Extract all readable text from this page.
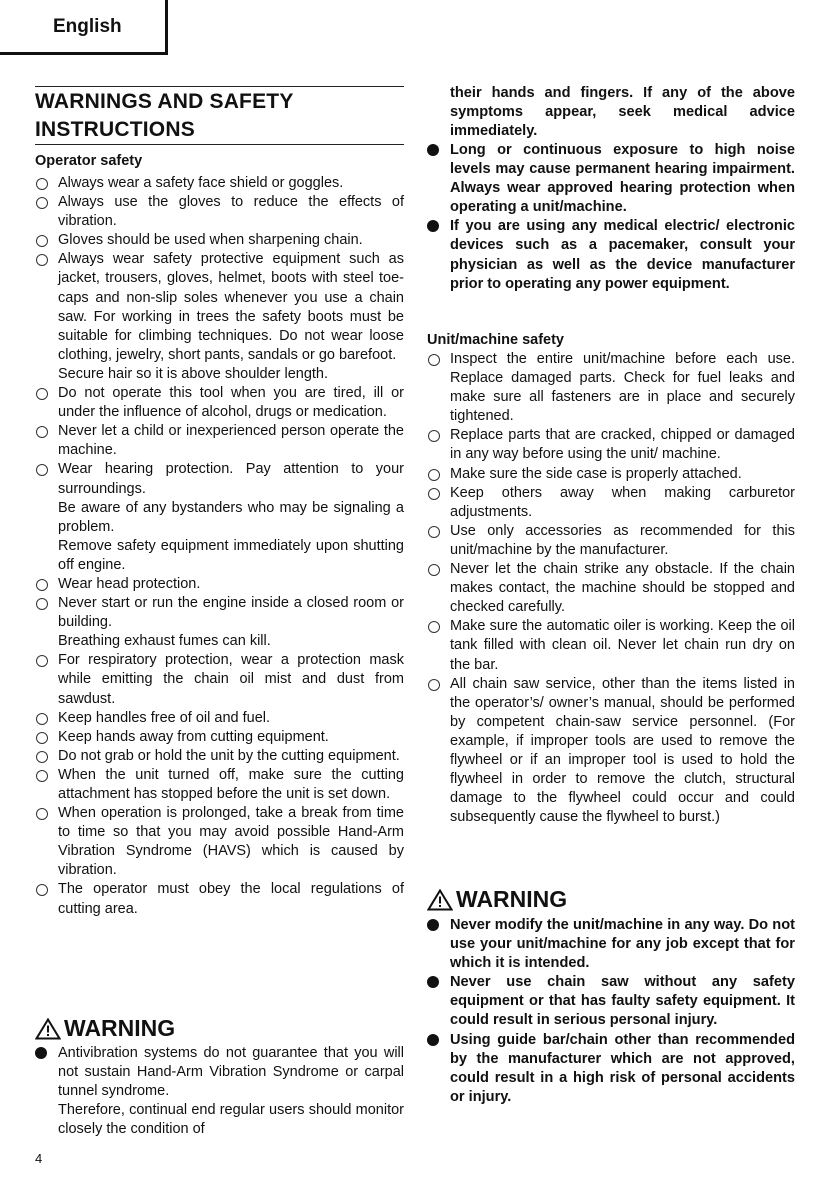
English
WARNINGS AND SAFETY
INSTRUCTIONS
Operator safety

Always wear a safety face shield or goggles.

Always use the gloves to reduce the effects of vibration.

Gloves should be used when sharpening chain.

Always wear safety protective equipment such as jacket, trousers, gloves, helmet, boots with steel toe-caps and non-slip soles whenever you use a chain saw. For working in trees the safety boots must be suitable for climbing techniques. Do not wear loose clothing, jewelry, short pants, sandals or go barefoot.

Secure hair so it is above shoulder length.

Do not operate this tool when you are tired, ill or under the influence of alcohol, drugs or medication.

Never let a child or inexperienced person operate the machine.

Wear hearing protection. Pay attention to your surroundings.

Be aware of any bystanders who may be signaling a problem.

Remove safety equipment immediately upon shutting off engine.

Wear head protection.

Never start or run the engine inside a closed room or building.

Breathing exhaust fumes can kill.

For respiratory protection, wear a protection mask while emitting the chain oil mist and dust from sawdust.

Keep handles free of oil and fuel.

Keep hands away from cutting equipment.

Do not grab or hold the unit by the cutting equipment.

When the unit turned off, make sure the cutting attachment has stopped before the unit is set down.

When operation is prolonged, take a break from time to time so that you may avoid possible Hand-Arm Vibration Syndrome (HAVS) which is caused by vibration.

The operator must obey the local regulations of cutting area.

WARNING

Antivibration systems do not guarantee that you will not sustain Hand-Arm Vibration Syndrome or carpal tunnel syndrome.

Therefore, continual end regular users should monitor closely the condition of

their hands and fingers. If any of the above symptoms appear, seek medical advice immediately.

Long or continuous exposure to high noise levels may cause permanent hearing impairment. Always wear approved hearing protection when operating a unit/machine.

If you are using any medical electric/ electronic devices such as a pacemaker, consult your physician as well as the device manufacturer prior to operating any power equipment.

Unit/machine safety

Inspect the entire unit/machine before each use. Replace damaged parts. Check for fuel leaks and make sure all fasteners are in place and securely tightened.

Replace parts that are cracked, chipped or damaged in any way before using the unit/ machine.

Make sure the side case is properly attached.

Keep others away when making carburetor adjustments.

Use only accessories as recommended for this unit/machine by the manufacturer.

Never let the chain strike any obstacle. If the chain makes contact, the machine should be stopped and checked carefully.

Make sure the automatic oiler is working. Keep the oil tank filled with clean oil. Never let chain run dry on the bar.

All chain saw service, other than the items listed in the operator’s/ owner’s manual, should be performed by competent chain-saw service personnel. (For example, if improper tools are used to remove the flywheel or if an improper tool is used to hold the flywheel in order to remove the clutch, structural damage to the flywheel could occur and could subsequently cause the flywheel to burst.)

WARNING

Never modify the unit/machine in any way. Do not use your unit/machine for any job except that for which it is intended.

Never use chain saw without any safety equipment or that has faulty safety equipment. It could result in serious personal injury.

Using guide bar/chain other than recommended by the manufacturer which are not approved, could result in a high risk of personal accidents or injury.

4
